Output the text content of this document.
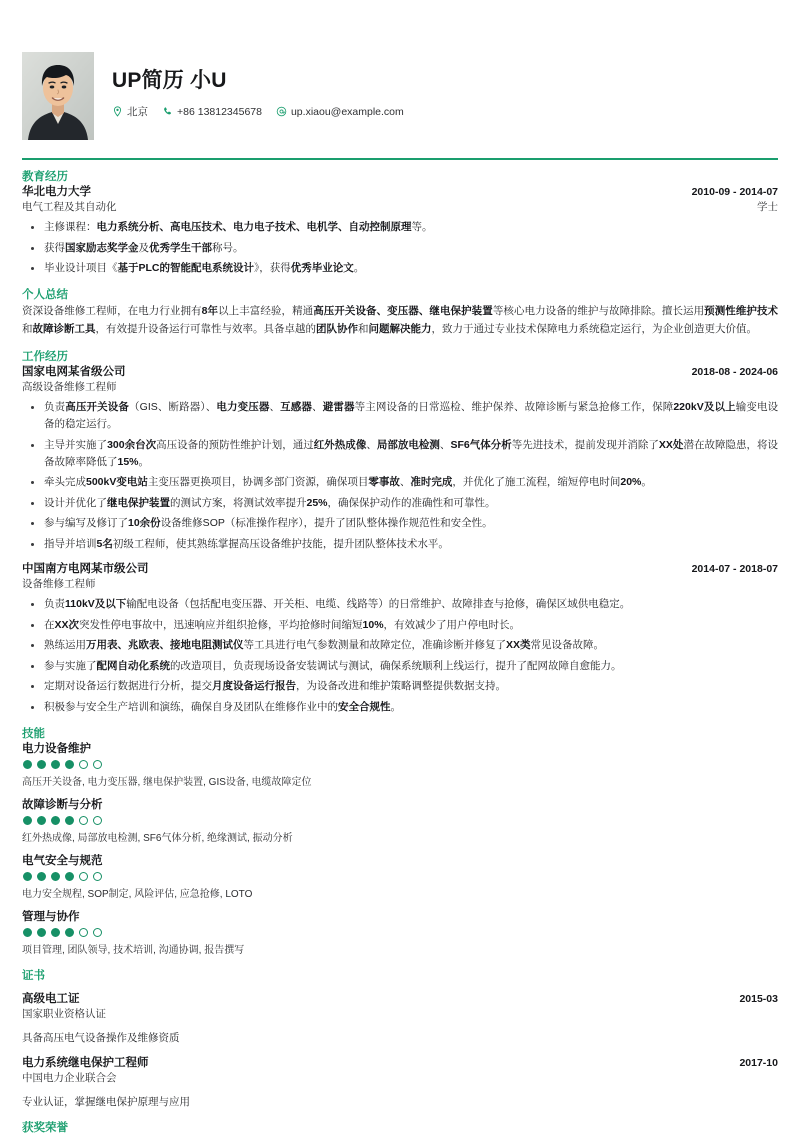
UP简历 小U
北京	+86 13812345678	up.xiaou@example.com
教育经历
华北电力大学	2010-09 - 2014-07
电气工程及其自动化	学士
主修课程：电力系统分析、高电压技术、电力电子技术、电机学、自动控制原理等。
获得国家励志奖学金及优秀学生干部称号。
毕业设计项目《基于PLC的智能配电系统设计》，获得优秀毕业论文。
个人总结
资深设备维修工程师，在电力行业拥有8年以上丰富经验，精通高压开关设备、变压器、继电保护装置等核心电力设备的维护与故障排除。擅长运用预测性维护技术和故障诊断工具，有效提升设备运行可靠性与效率。具备卓越的团队协作和问题解决能力，致力于通过专业技术保障电力系统稳定运行，为企业创造更大价值。
工作经历
国家电网某省级公司	2018-08 - 2024-06
高级设备维修工程师
负责高压开关设备（GIS、断路器）、电力变压器、互感器、避雷器等主网设备的日常巡检、维护保养、故障诊断与紧急抢修工作，保障220kV及以上输变电设备的稳定运行。
主导并实施了300余台次高压设备的预防性维护计划，通过红外热成像、局部放电检测、SF6气体分析等先进技术，提前发现并消除了XX处潜在故障隐患，将设备故障率降低了15%。
牵头完成500kV变电站主变压器更换项目，协调多部门资源，确保项目零事故、准时完成，并优化了施工流程，缩短停电时间20%。
设计并优化了继电保护装置的测试方案，将测试效率提升25%，确保保护动作的准确性和可靠性。
参与编写及修订了10余份设备维修SOP（标准操作程序），提升了团队整体操作规范性和安全性。
指导并培训5名初级工程师，使其熟练掌握高压设备维护技能，提升团队整体技术水平。
中国南方电网某市级公司	2014-07 - 2018-07
设备维修工程师
负责110kV及以下输配电设备（包括配电变压器、开关柜、电缆、线路等）的日常维护、故障排查与抢修，确保区域供电稳定。
在XX次突发性停电事故中，迅速响应并组织抢修，平均抢修时间缩短10%，有效减少了用户停电时长。
熟练运用万用表、兆欧表、接地电阻测试仪等工具进行电气参数测量和故障定位，准确诊断并修复了XX类常见设备故障。
参与实施了配网自动化系统的改造项目，负责现场设备安装调试与测试，确保系统顺利上线运行，提升了配网故障自愈能力。
定期对设备运行数据进行分析，提交月度设备运行报告，为设备改进和维护策略调整提供数据支持。
积极参与安全生产培训和演练，确保自身及团队在维修作业中的安全合规性。
技能
电力设备维护
高压开关设备, 电力变压器, 继电保护装置, GIS设备, 电缆故障定位
故障诊断与分析
红外热成像, 局部放电检测, SF6气体分析, 绝缘测试, 振动分析
电气安全与规范
电力安全规程, SOP制定, 风险评估, 应急抢修, LOTO
管理与协作
项目管理, 团队领导, 技术培训, 沟通协调, 报告撰写
证书
高级电工证	2015-03
国家职业资格认证
具备高压电气设备操作及维修资质
电力系统继电保护工程师	2017-10
中国电力企业联合会
专业认证，掌握继电保护原理与应用
获奖荣誉
